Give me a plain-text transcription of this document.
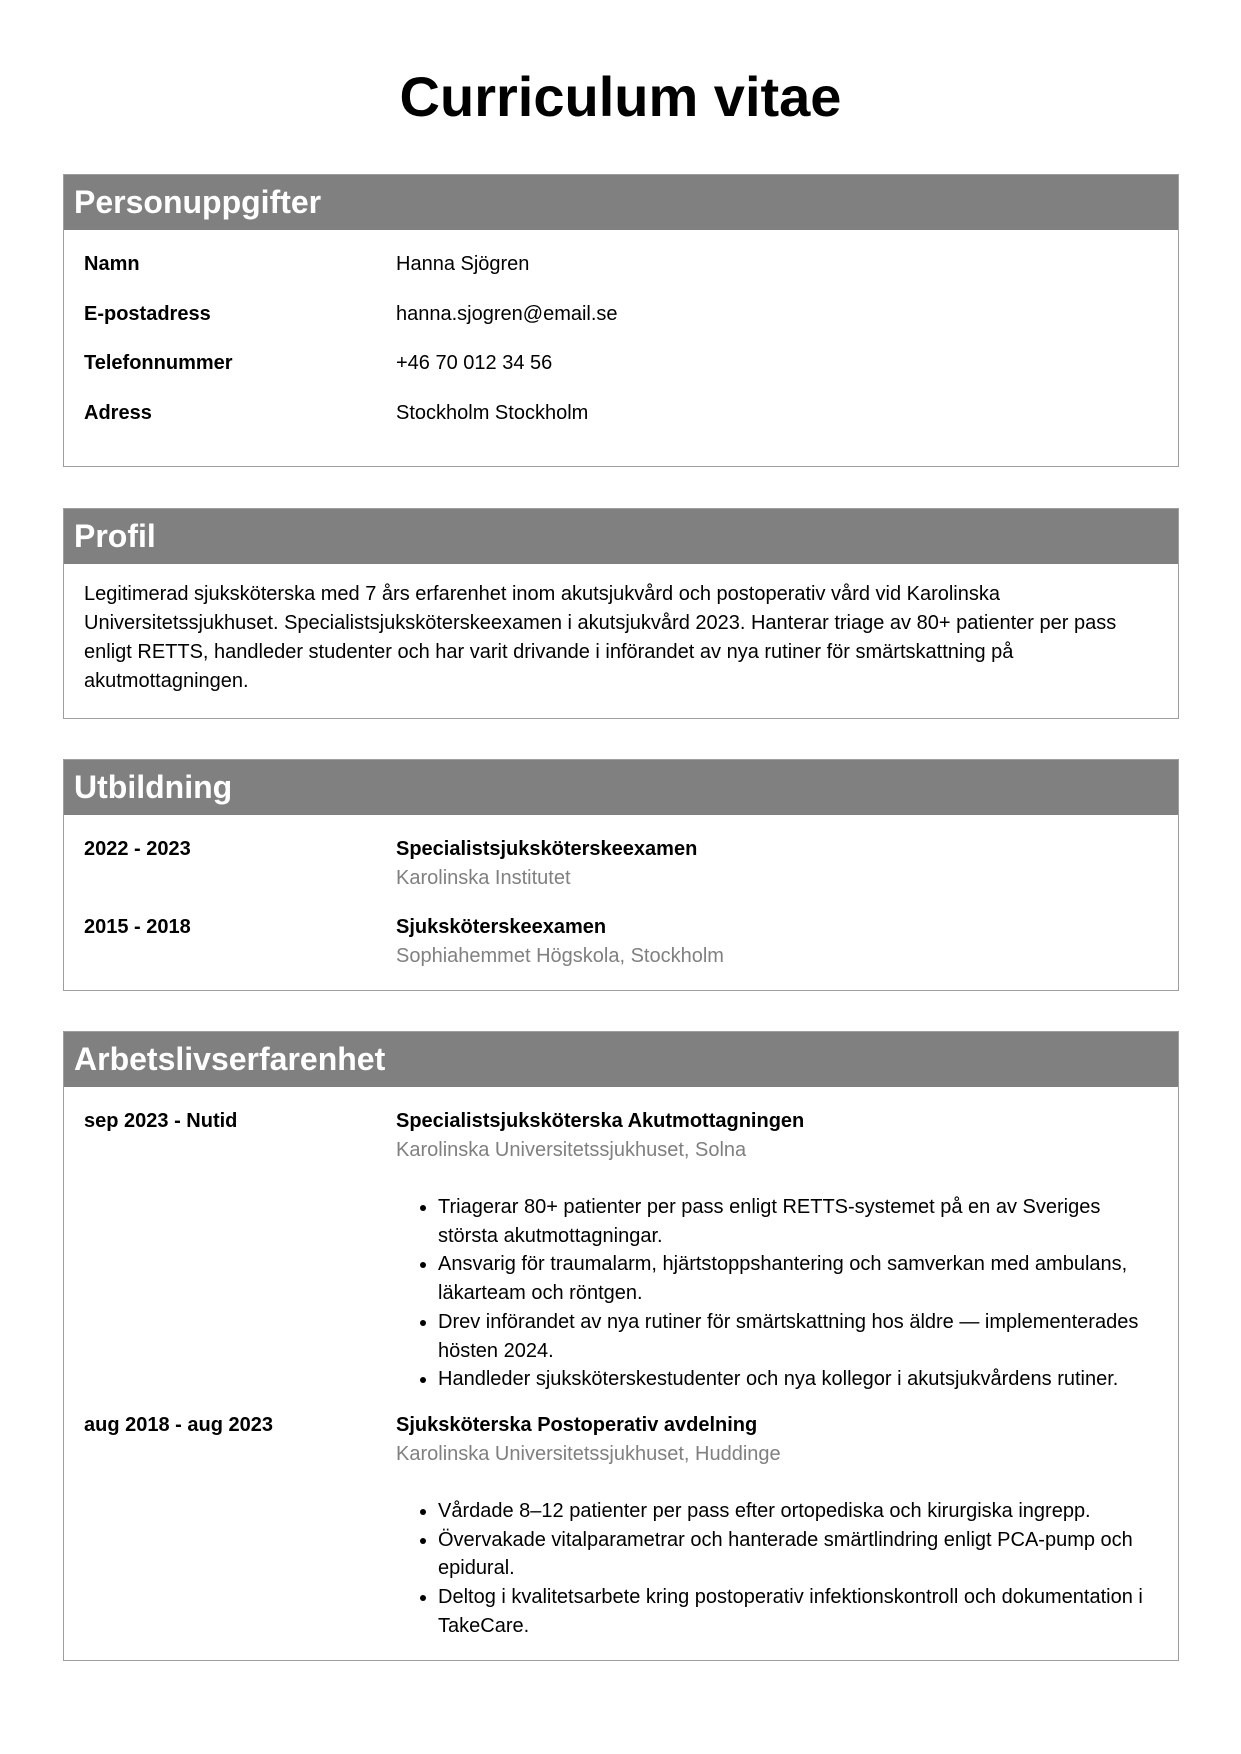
Curriculum vitae
Personuppgifter
Namn	Hanna Sjögren
E-postadress	hanna.sjogren@email.se
Telefonnummer	+46 70 012 34 56
Adress	Stockholm Stockholm
Profil
Legitimerad sjuksköterska med 7 års erfarenhet inom akutsjukvård och postoperativ vård vid Karolinska Universitetssjukhuset. Specialistsjuksköterskeexamen i akutsjukvård 2023. Hanterar triage av 80+ patienter per pass enligt RETTS, handleder studenter och har varit drivande i införandet av nya rutiner för smärtskattning på akutmottagningen.
Utbildning
2022 - 2023	Specialistsjuksköterskeexamen
Karolinska Institutet
2015 - 2018	Sjuksköterskeexamen
Sophiahemmet Högskola, Stockholm
Arbetslivserfarenhet
sep 2023 - Nutid	Specialistsjuksköterska Akutmottagningen
Karolinska Universitetssjukhuset, Solna
• Triagerar 80+ patienter per pass enligt RETTS-systemet på en av Sveriges största akutmottagningar.
• Ansvarig för traumalarm, hjärtstoppshantering och samverkan med ambulans, läkarteam och röntgen.
• Drev införandet av nya rutiner för smärtskattning hos äldre — implementerades hösten 2024.
• Handleder sjuksköterskestudenter och nya kollegor i akutsjukvårdens rutiner.
aug 2018 - aug 2023	Sjuksköterska Postoperativ avdelning
Karolinska Universitetssjukhuset, Huddinge
• Vårdade 8–12 patienter per pass efter ortopediska och kirurgiska ingrepp.
• Övervakade vitalparametrar och hanterade smärtlindring enligt PCA-pump och epidural.
• Deltog i kvalitetsarbete kring postoperativ infektionskontroll och dokumentation i TakeCare.
